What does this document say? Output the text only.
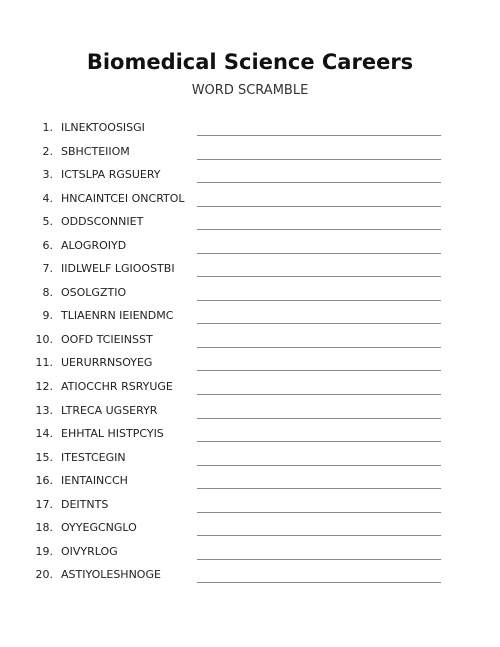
Biomedical Science Careers
WORD SCRAMBLE
1. ILNEKTOOSISGI
2. SBHCTEIIOM
3. ICTSLPA RGSUERY
4. HNCAINTCEI ONCRTOL
5. ODDSCONNIET
6. ALOGROIYD
7. IIDLWELF LGIOOSTBI
8. OSOLGZTIO
9. TLIAENRN IEIENDMC
10. OOFD TCIEINSST
11. UERURRNSOYEG
12. ATIOCCHR RSRYUGE
13. LTRECA UGSERYR
14. EHHTAL HISTPCYIS
15. ITESTCEGIN
16. IENTAINCCH
17. DEITNTS
18. OYYEGCNGLO
19. OIVYRLOG
20. ASTIYOLESHNOGE
